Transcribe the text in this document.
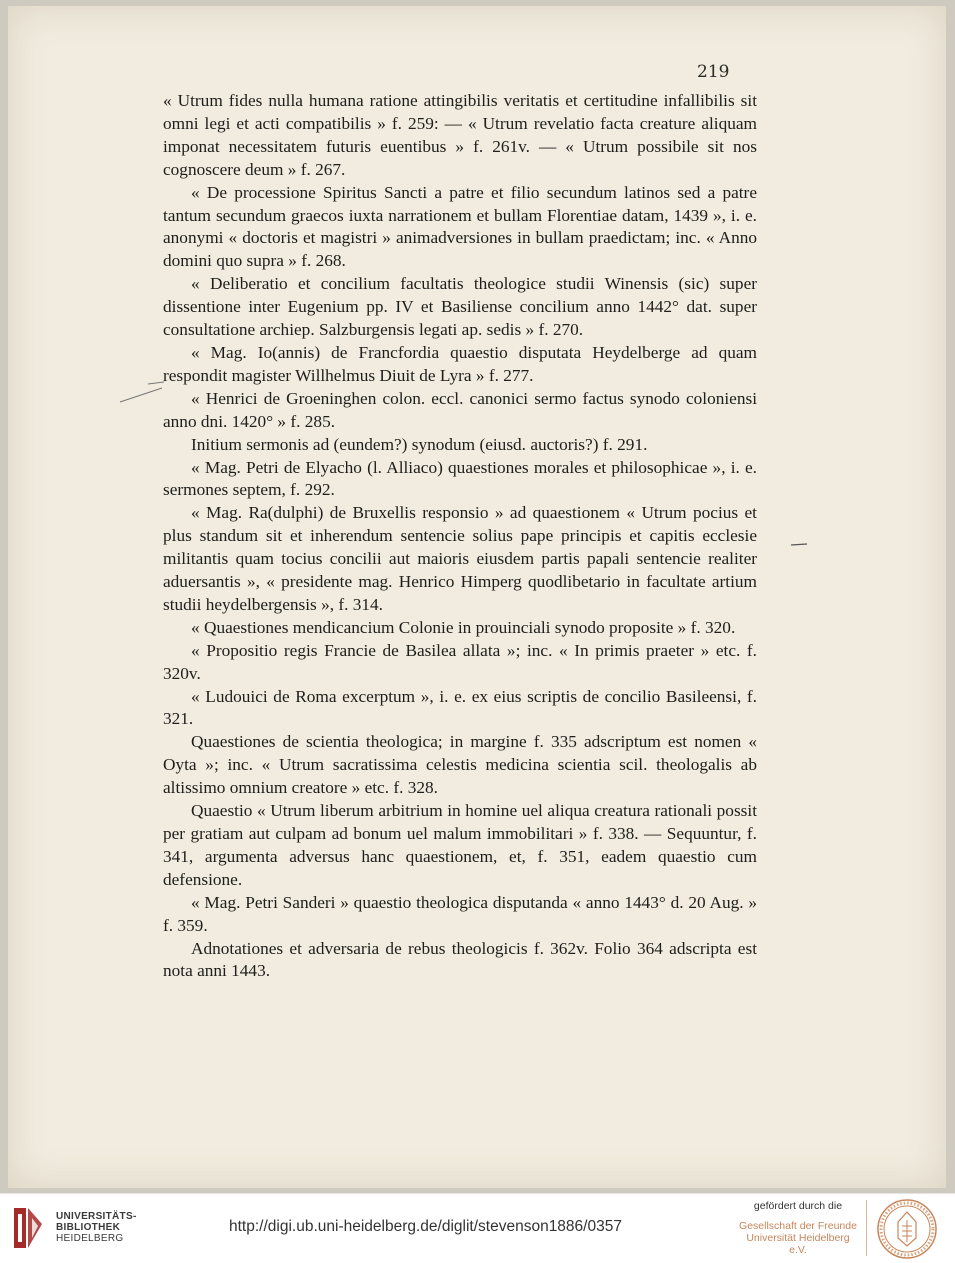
219

« Utrum fides nulla humana ratione attingibilis veritatis et certitudine infallibilis sit omni legi et acti compatibilis » f. 259: — « Utrum revelatio facta creature aliquam imponat necessitatem futuris euentibus » f. 261v. — « Utrum possibile sit nos cognoscere deum » f. 267.

« De processione Spiritus Sancti a patre et filio secundum latinos sed a patre tantum secundum graecos iuxta narrationem et bullam Florentiae datam, 1439 », i. e. anonymi « doctoris et magistri » animadversiones in bullam praedictam; inc. « Anno domini quo supra » f. 268.

« Deliberatio et concilium facultatis theologice studii Winensis (sic) super dissentione inter Eugenium pp. IV et Basiliense concilium anno 1442° dat. super consultatione archiep. Salzburgensis legati ap. sedis » f. 270.

« Mag. Io(annis) de Francfordia quaestio disputata Heydelberge ad quam respondit magister Willhelmus Diuit de Lyra » f. 277.

« Henrici de Groeninghen colon. eccl. canonici sermo factus synodo coloniensi anno dni. 1420° » f. 285.

Initium sermonis ad (eundem?) synodum (eiusd. auctoris?) f. 291.

« Mag. Petri de Elyacho (l. Alliaco) quaestiones morales et philosophicae », i. e. sermones septem, f. 292.

« Mag. Ra(dulphi) de Bruxellis responsio » ad quaestionem « Utrum pocius et plus standum sit et inherendum sentencie solius pape principis et capitis ecclesie militantis quam tocius concilii aut maioris eiusdem partis papali sentencie realiter aduersantis », « presidente mag. Henrico Himperg quodlibetario in facultate artium studii heydelbergensis », f. 314.

« Quaestiones mendicancium Colonie in prouinciali synodo proposite » f. 320.

« Propositio regis Francie de Basilea allata »; inc. « In primis praeter » etc. f. 320v.

« Ludouici de Roma excerptum », i. e. ex eius scriptis de concilio Basileensi, f. 321.

Quaestiones de scientia theologica; in margine f. 335 adscriptum est nomen « Oyta »; inc. « Utrum sacratissima celestis medicina scientia scil. theologalis ab altissimo omnium creatore » etc. f. 328.

Quaestio « Utrum liberum arbitrium in homine uel aliqua creatura rationali possit per gratiam aut culpam ad bonum uel malum immobilitari » f. 338. — Sequuntur, f. 341, argumenta adversus hanc quaestionem, et, f. 351, eadem quaestio cum defensione.

« Mag. Petri Sanderi » quaestio theologica disputanda « anno 1443° d. 20 Aug. » f. 359.

Adnotationes et adversaria de rebus theologicis f. 362v. Folio 364 adscripta est nota anni 1443.

UNIVERSITÄTS-
BIBLIOTHEK
HEIDELBERG
http://digi.ub.uni-heidelberg.de/diglit/stevenson1886/0357
gefördert durch die
Gesellschaft der Freunde
Universität Heidelberg e.V.
